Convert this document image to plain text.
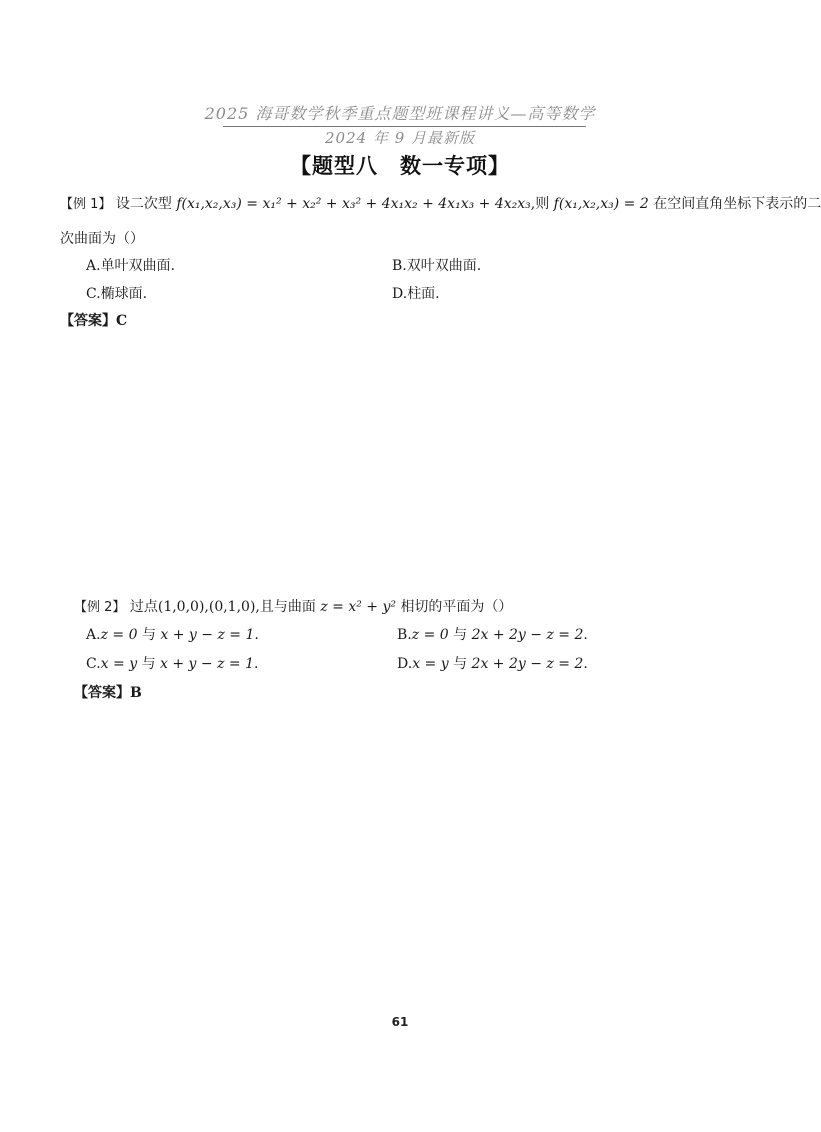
2025 海哥数学秋季重点题型班课程讲义—高等数学
2024 年 9 月最新版
【题型八　数一专项】
【例 1】 设二次型 f(x₁,x₂,x₃) = x₁² + x₂² + x₃² + 4x₁x₂ + 4x₁x₃ + 4x₂x₃,则 f(x₁,x₂,x₃) = 2 在空间直角坐标下表示的二
次曲面为（）
A.单叶双曲面.	B.双叶双曲面.
C.椭球面.	D.柱面.
【答案】C
【例 2】 过点(1,0,0),(0,1,0),且与曲面 z = x² + y² 相切的平面为（）
A.z = 0 与 x + y − z = 1.	B.z = 0 与 2x + 2y − z = 2.
C.x = y 与 x + y − z = 1.	D.x = y 与 2x + 2y − z = 2.
【答案】B
61
